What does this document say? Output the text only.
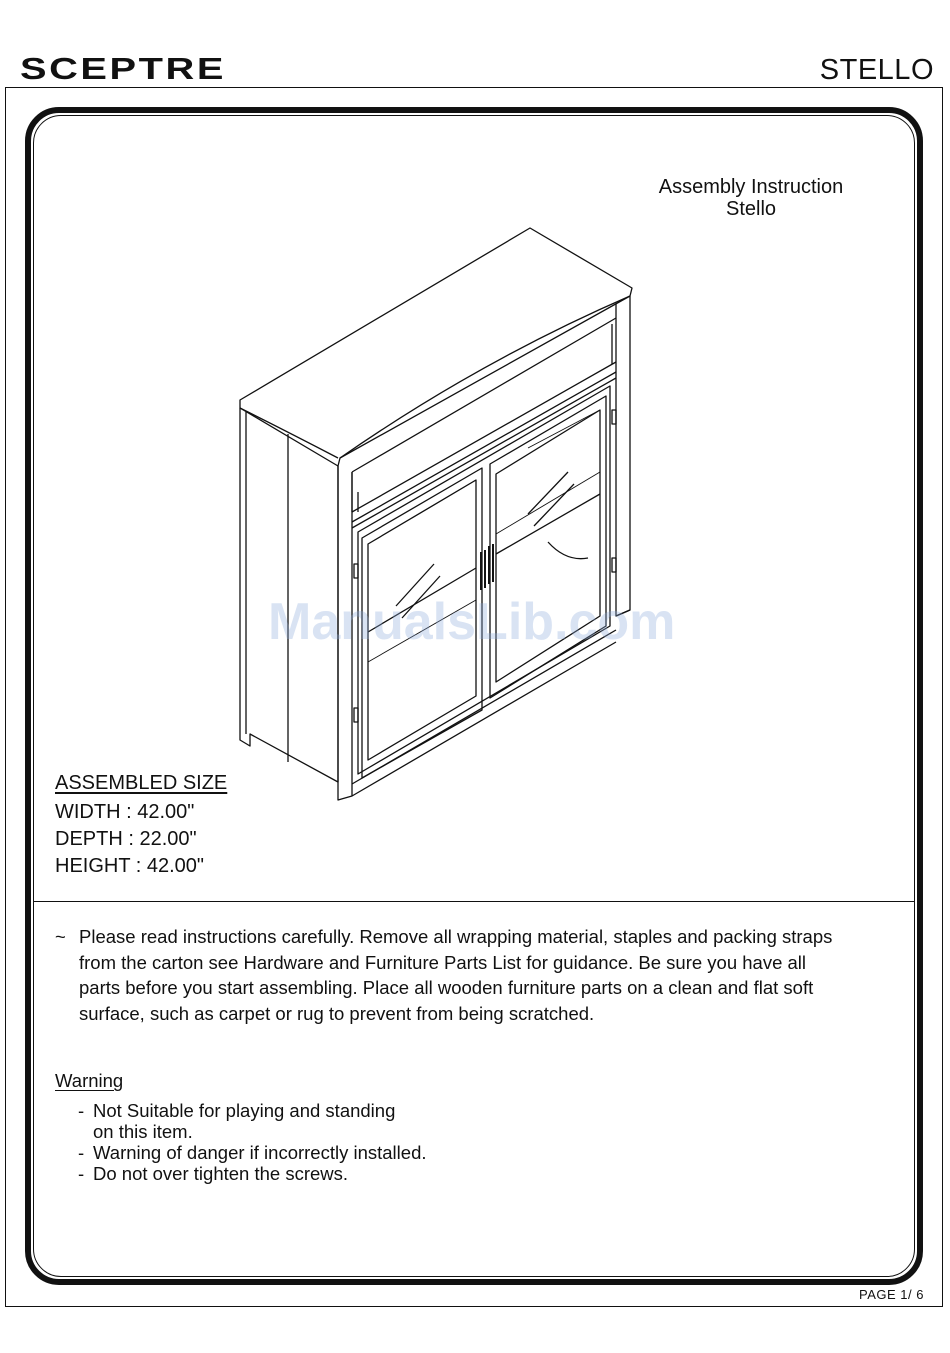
SCEPTRE	STELLO
Assembly Instruction
Stello
ManualsLib.com
ASSEMBLED SIZE
WIDTH : 42.00"
DEPTH : 22.00"
HEIGHT : 42.00"
~ Please read instructions carefully. Remove all wrapping material, staples and packing straps from the carton see Hardware and Furniture Parts List for guidance. Be sure you have all parts before you start assembling. Place all wooden furniture parts on a clean and flat soft surface, such as carpet or rug to prevent from being scratched.
Warning
- Not Suitable for playing and standing
on this item.
- Warning of danger if incorrectly installed.
- Do not over tighten the screws.
PAGE 1/ 6
